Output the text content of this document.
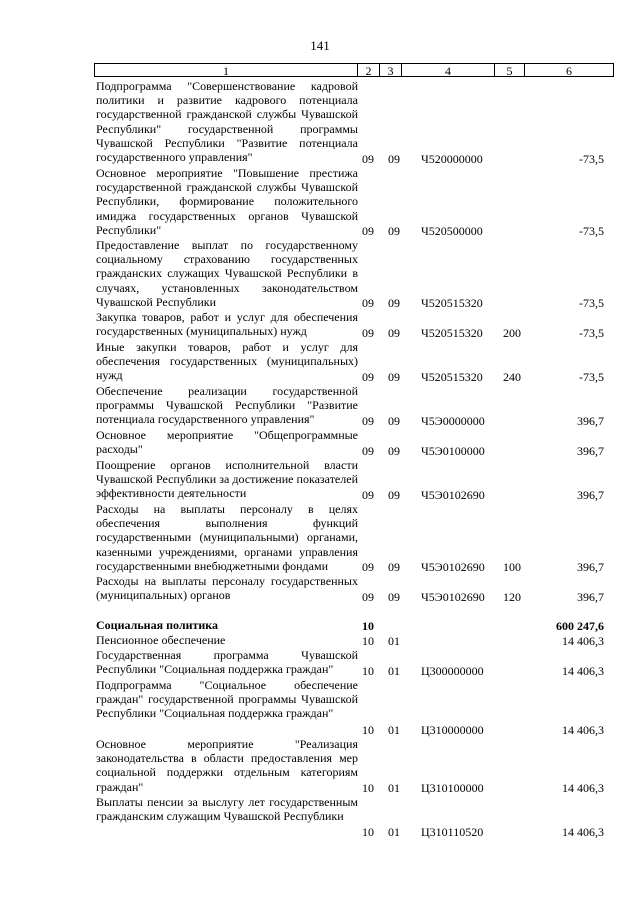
141
1	2	3	4	5	6
Подпрограмма "Совершенствование кадровой политики и развитие кадрового потенциала государственной гражданской службы Чувашской Республики" государственной программы Чувашской Республики "Развитие потенциала государственного управления"	09 09 Ч520000000	-73,5
Основное мероприятие "Повышение престижа государственной гражданской службы Чувашской Республики, формирование положительного имиджа государственных органов Чувашской Республики"	09 09 Ч520500000	-73,5
Предоставление выплат по государственному социальному страхованию государственных гражданских служащих Чувашской Республики в случаях, установленных законодательством Чувашской Республики	09 09 Ч520515320	-73,5
Закупка товаров, работ и услуг для обеспечения государственных (муниципальных) нужд	09 09 Ч520515320 200	-73,5
Иные закупки товаров, работ и услуг для обеспечения государственных (муниципальных) нужд	09 09 Ч520515320 240	-73,5
Обеспечение реализации государственной программы Чувашской Республики "Развитие потенциала государственного управления"	09 09 Ч5Э0000000	396,7
Основное мероприятие "Общепрограммные расходы"	09 09 Ч5Э0100000	396,7
Поощрение органов исполнительной власти Чувашской Республики за достижение показателей эффективности деятельности	09 09 Ч5Э0102690	396,7
Расходы на выплаты персоналу в целях обеспечения выполнения функций государственными (муниципальными) органами, казенными учреждениями, органами управления государственными внебюджетными фондами	09 09 Ч5Э0102690 100	396,7
Расходы на выплаты персоналу государственных (муниципальных) органов	09 09 Ч5Э0102690 120	396,7
Социальная политика	10	600 247,6
Пенсионное обеспечение	10 01	14 406,3
Государственная программа Чувашской Республики "Социальная поддержка граждан"	10 01 Ц300000000	14 406,3
Подпрограмма "Социальное обеспечение граждан" государственной программы Чувашской Республики "Социальная поддержка граждан"
10 01 Ц310000000	14 406,3
Основное мероприятие "Реализация законодательства в области предоставления мер социальной поддержки отдельным категориям граждан"	10 01 Ц310100000	14 406,3
Выплаты пенсии за выслугу лет государственным гражданским служащим Чувашской Республики
10 01 Ц310110520	14 406,3
